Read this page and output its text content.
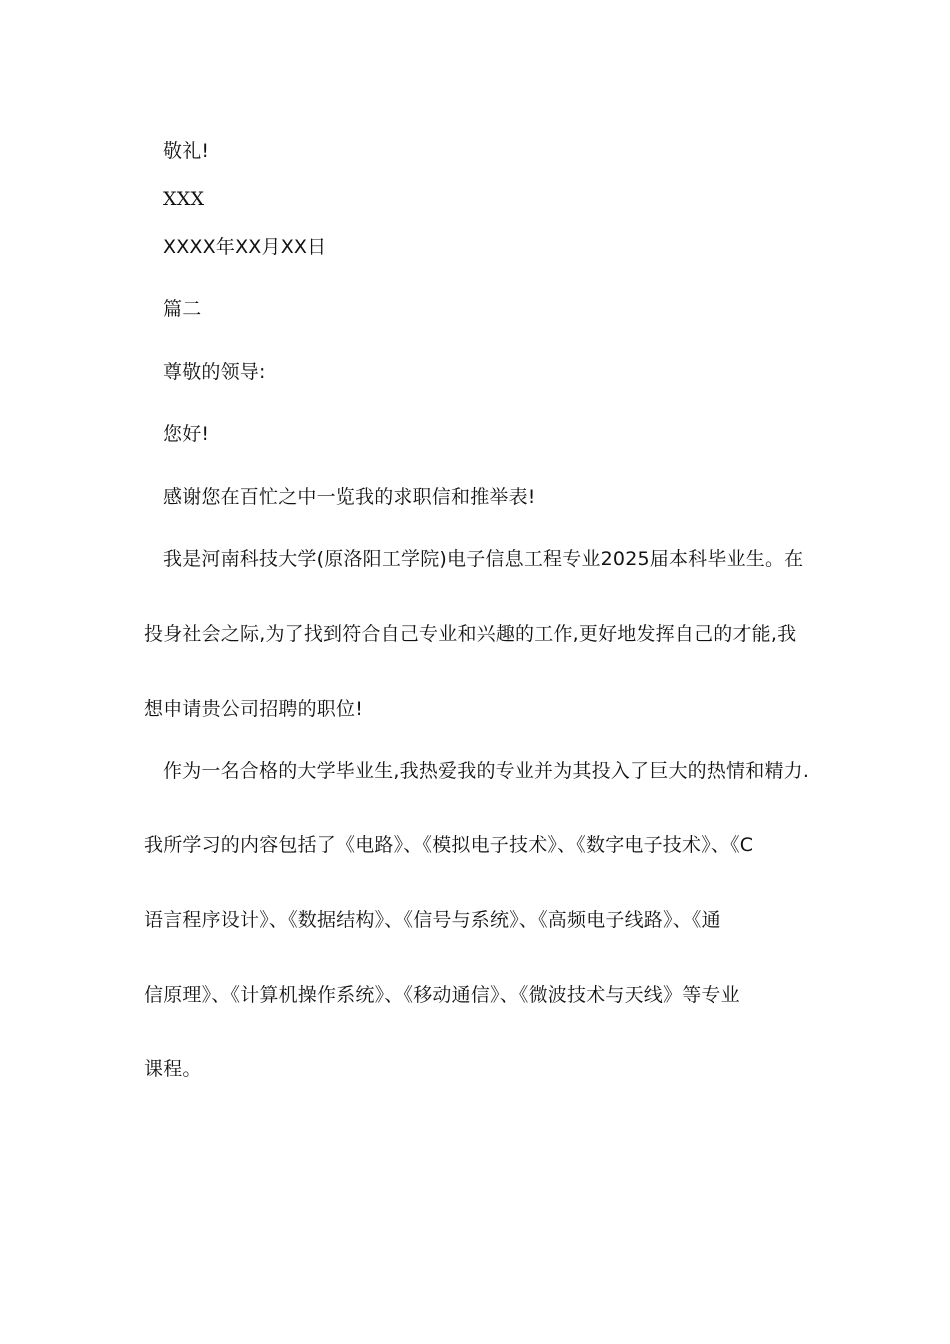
敬礼!
XXX
XXXX年XX月XX日
篇二
尊敬的领导:
您好!
感谢您在百忙之中一览我的求职信和推举表!
我是河南科技大学(原洛阳工学院)电子信息工程专业2025届本科毕业生。在
投身社会之际,为了找到符合自己专业和兴趣的工作,更好地发挥自己的才能,我
想申请贵公司招聘的职位!
作为一名合格的大学毕业生,我热爱我的专业并为其投入了巨大的热情和精力.
我所学习的内容包括了《电路》、《模拟电子技术》、《数字电子技术》、《C
语言程序设计》、《数据结构》、《信号与系统》、《高频电子线路》、《通
信原理》、《计算机操作系统》、《移动通信》、《微波技术与天线》等专业
课程。
